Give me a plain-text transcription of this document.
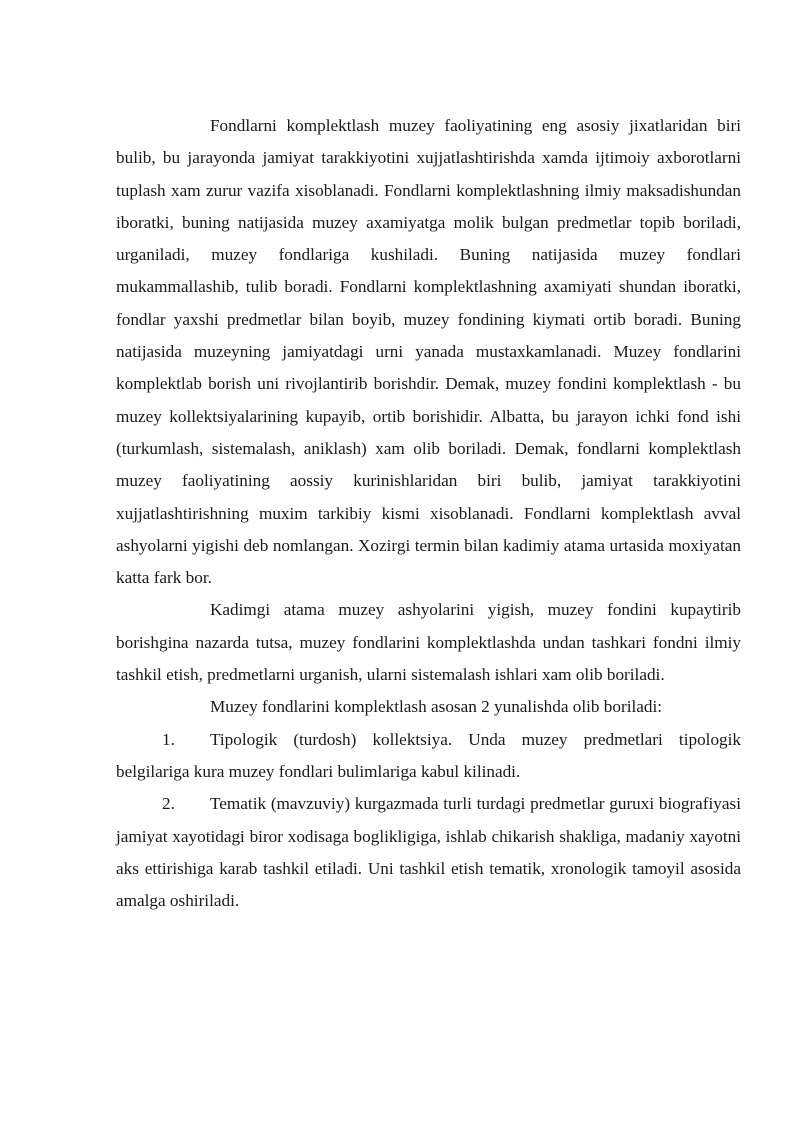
Fondlarni komplektlash muzey faoliyatining eng asosiy jixatlaridan biri bulib, bu jarayonda jamiyat tarakkiyotini xujjatlashtirishda xamda ijtimoiy axborotlarni tuplash xam zurur vazifa xisoblanadi. Fondlarni komplektlashning ilmiy maksadishundan iboratki, buning natijasida muzey axamiyatga molik bulgan predmetlar topib boriladi, urganiladi, muzey fondlariga kushiladi. Buning natijasida muzey fondlari mukammallashib, tulib boradi. Fondlarni komplektlashning axamiyati shundan iboratki, fondlar yaxshi predmetlar bilan boyib, muzey fondining kiymati ortib boradi. Buning natijasida muzeyning jamiyatdagi urni yanada mustaxkamlanadi. Muzey fondlarini komplektlab borish uni rivojlantirib borishdir. Demak, muzey fondini komplektlash - bu muzey kollektsiyalarining kupayib, ortib borishidir. Albatta, bu jarayon ichki fond ishi (turkumlash, sistemalash, aniklash) xam olib boriladi. Demak, fondlarni komplektlash muzey faoliyatining aossiy kurinishlaridan biri bulib, jamiyat tarakkiyotini xujjatlashtirishning muxim tarkibiy kismi xisoblanadi. Fondlarni komplektlash avval ashyolarni yigishi deb nomlangan. Xozirgi termin bilan kadimiy atama urtasida moxiyatan katta fark bor.

Kadimgi atama muzey ashyolarini yigish, muzey fondini kupaytirib borishgina nazarda tutsa, muzey fondlarini komplektlashda undan tashkari fondni ilmiy tashkil etish, predmetlarni urganish, ularni sistemalash ishlari xam olib boriladi.

Muzey fondlarini komplektlash asosan 2 yunalishda olib boriladi:

1. Tipologik (turdosh) kollektsiya. Unda muzey predmetlari tipologik belgilariga kura muzey fondlari bulimlariga kabul kilinadi.

2. Tematik (mavzuviy) kurgazmada turli turdagi predmetlar guruxi biografiyasi jamiyat xayotidagi biror xodisaga boglikligiga, ishlab chikarish shakliga, madaniy xayotni aks ettirishiga karab tashkil etiladi. Uni tashkil etish tematik, xronologik tamoyil asosida amalga oshiriladi.
